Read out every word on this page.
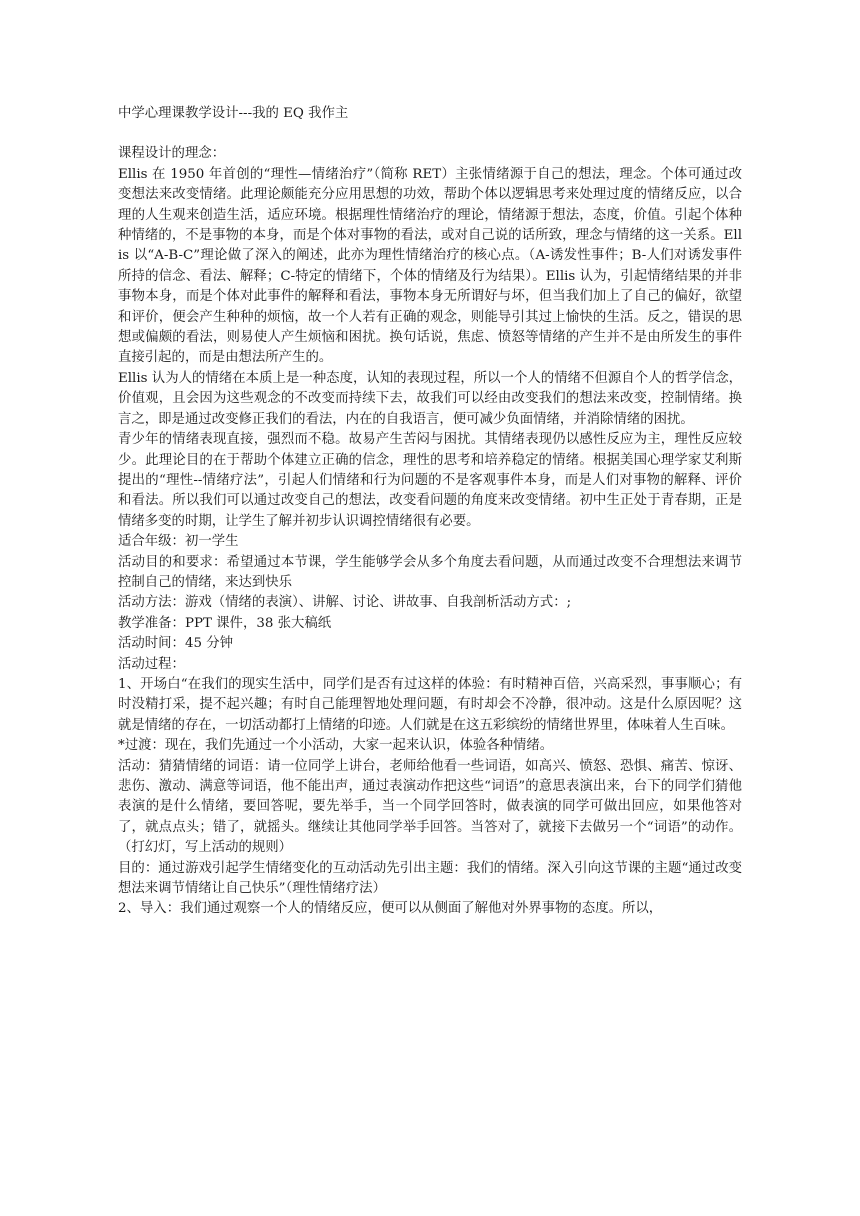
中学心理课教学设计---我的 EQ 我作主

课程设计的理念：

Ellis 在 1950 年首创的“理性—情绪治疗”（简称 RET）主张情绪源于自己的想法，理念。个体可通过改变想法来改变情绪。此理论颇能充分应用思想的功效，帮助个体以逻辑思考来处理过度的情绪反应，以合理的人生观来创造生活，适应环境。根据理性情绪治疗的理论，情绪源于想法，态度，价值。引起个体种种情绪的，不是事物的本身，而是个体对事物的看法，或对自己说的话所致，理念与情绪的这一关系。Ellis 以“A-B-C”理论做了深入的阐述，此亦为理性情绪治疗的核心点。（A-诱发性事件；B-人们对诱发事件所持的信念、看法、解释；C-特定的情绪下，个体的情绪及行为结果）。Ellis 认为，引起情绪结果的并非事物本身，而是个体对此事件的解释和看法，事物本身无所谓好与坏，但当我们加上了自己的偏好，欲望和评价，便会产生种种的烦恼，故一个人若有正确的观念，则能导引其过上愉快的生活。反之，错误的思想或偏颇的看法，则易使人产生烦恼和困扰。换句话说，焦虑、愤怒等情绪的产生并不是由所发生的事件直接引起的，而是由想法所产生的。

Ellis 认为人的情绪在本质上是一种态度，认知的表现过程，所以一个人的情绪不但源自个人的哲学信念，价值观，且会因为这些观念的不改变而持续下去，故我们可以经由改变我们的想法来改变，控制情绪。换言之，即是通过改变修正我们的看法，内在的自我语言，便可减少负面情绪，并消除情绪的困扰。

青少年的情绪表现直接，强烈而不稳。故易产生苦闷与困扰。其情绪表现仍以感性反应为主，理性反应较少。此理论目的在于帮助个体建立正确的信念，理性的思考和培养稳定的情绪。根据美国心理学家艾利斯提出的“理性--情绪疗法”，引起人们情绪和行为问题的不是客观事件本身，而是人们对事物的解释、评价和看法。所以我们可以通过改变自己的想法，改变看问题的角度来改变情绪。初中生正处于青春期，正是情绪多变的时期，让学生了解并初步认识调控情绪很有必要。

适合年级：初一学生

活动目的和要求：希望通过本节课，学生能够学会从多个角度去看问题，从而通过改变不合理想法来调节控制自己的情绪，来达到快乐

活动方法：游戏（情绪的表演）、讲解、讨论、讲故事、自我剖析活动方式：;

教学准备：PPT 课件，38 张大稿纸

活动时间：45 分钟

活动过程：

1、开场白“在我们的现实生活中，同学们是否有过这样的体验：有时精神百倍，兴高采烈，事事顺心；有时没精打采，提不起兴趣；有时自己能理智地处理问题，有时却会不冷静，很冲动。这是什么原因呢？这就是情绪的存在，一切活动都打上情绪的印迹。人们就是在这五彩缤纷的情绪世界里，体味着人生百味。

*过渡：现在，我们先通过一个小活动，大家一起来认识，体验各种情绪。

活动：猜猜情绪的词语：请一位同学上讲台，老师给他看一些词语，如高兴、愤怒、恐惧、痛苦、惊讶、悲伤、激动、满意等词语，他不能出声，通过表演动作把这些“词语”的意思表演出来，台下的同学们猜他表演的是什么情绪，要回答呢，要先举手，当一个同学回答时，做表演的同学可做出回应，如果他答对了，就点点头；错了，就摇头。继续让其他同学举手回答。当答对了，就接下去做另一个“词语”的动作。（打幻灯，写上活动的规则）

目的：通过游戏引起学生情绪变化的互动活动先引出主题：我们的情绪。深入引向这节课的主题“通过改变想法来调节情绪让自己快乐”（理性情绪疗法）

2、导入：我们通过观察一个人的情绪反应，便可以从侧面了解他对外界事物的态度。所以，
